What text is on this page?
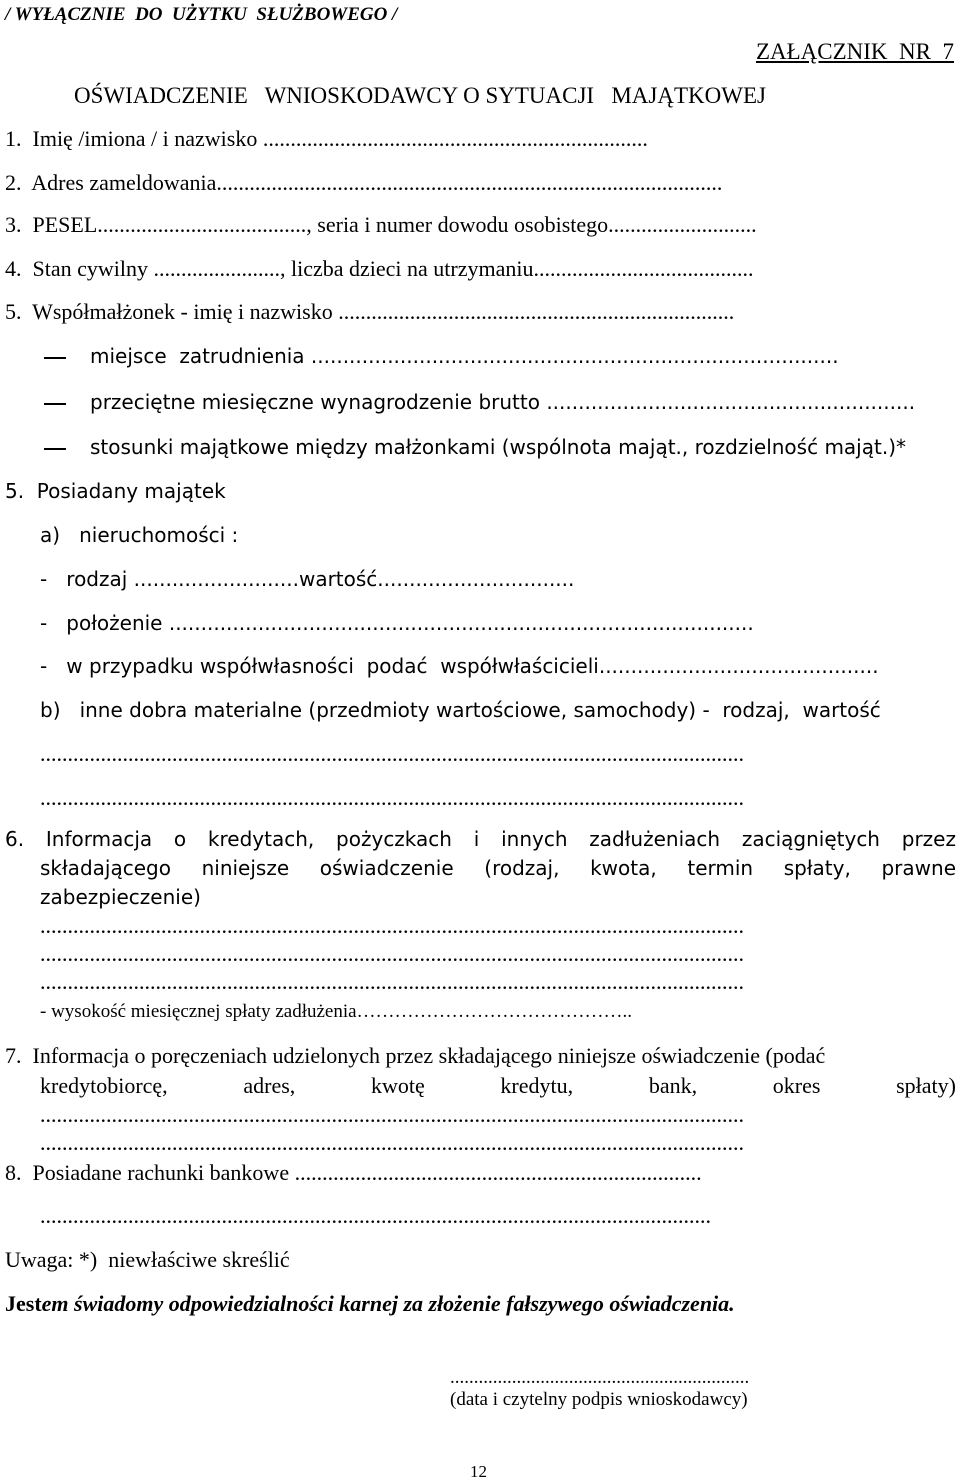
/ WYŁĄCZNIE  DO  UŻYTKU  SŁUŻBOWEGO /
ZAŁĄCZNIK  NR  7
OŚWIADCZENIE   WNIOSKODAWCY O SYTUACJI   MAJĄTKOWEJ
1.  Imię /imiona / i nazwisko ......................................................................
2.  Adres zameldowania............................................................................................
3.  PESEL......................................, seria i numer dowodu osobistego...........................
4.  Stan cywilny ......................., liczba dzieci na utrzymaniu........................................
5.  Współmałżonek - imię i nazwisko ........................................................................
miejsce  zatrudnienia ...................................................................................
przeciętne miesięczne wynagrodzenie brutto ..........................................................
stosunki majątkowe między małżonkami (wspólnota mająt., rozdzielność mająt.)*
5.  Posiadany majątek
a)   nieruchomości :
-   rodzaj ..........................wartość...............................
-   położenie ............................................................................................
-   w przypadku współwłasności  podać  współwłaścicieli............................................
b)   inne dobra materialne (przedmioty wartościowe, samochody) -  rodzaj,  wartość
................................................................................................................................
................................................................................................................................
6. Informacja o kredytach, pożyczkach i innych zadłużeniach zaciągniętych przez
składającego niniejsze oświadczenie (rodzaj, kwota, termin spłaty, prawne
zabezpieczenie)
................................................................................................................................
................................................................................................................................
................................................................................................................................
- wysokość miesięcznej spłaty zadłużenia……………………………………..
7.  Informacja o poręczeniach udzielonych przez składającego niniejsze oświadczenie (podać
kredytobiorcę, adres, kwotę kredytu, bank, okres spłaty)
................................................................................................................................
................................................................................................................................
8.  Posiadane rachunki bankowe ..........................................................................
..........................................................................................................................
Uwaga: *)  niewłaściwe skreślić
Jestem świadomy odpowiedzialności karnej za złożenie fałszywego oświadczenia.
...............................................................
(data i czytelny podpis wnioskodawcy)
12
